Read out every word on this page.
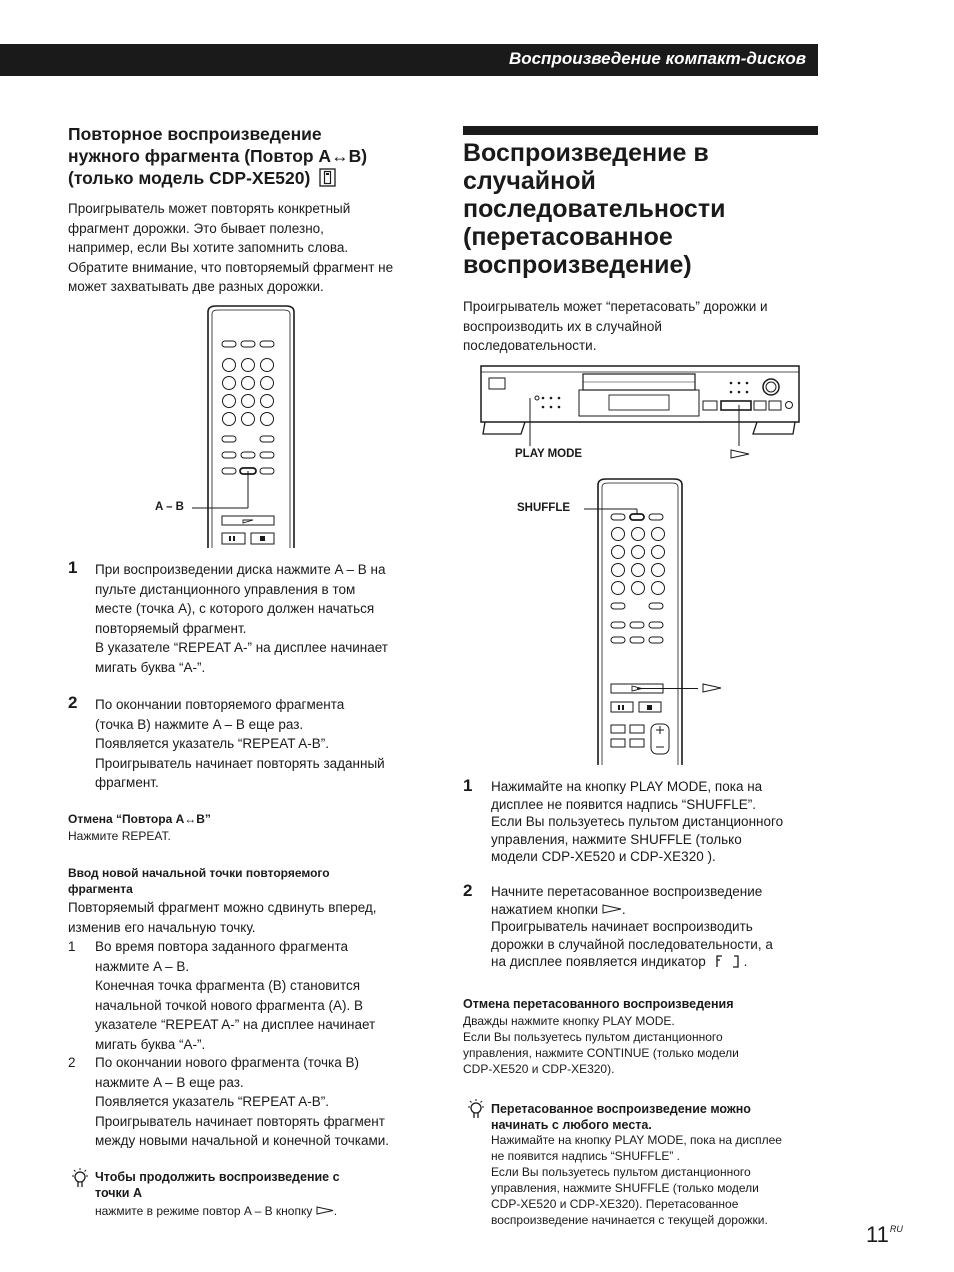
Воспроизведение компакт-дисков
Повторное воспроизведение
нужного фрагмента (Повтор A↔B)
(только модель CDP-XE520)
Проигрыватель может повторять конкретный
фрагмент дорожки. Это бывает полезно,
например, если Вы хотите запомнить слова.
Обратите внимание, что повторяемый фрагмент не
может захватывать две разных дорожки.
A – B
1 При воспроизведении диска нажмите A – B на
пульте дистанционного управления в том
месте (точка A), с которого должен начаться
повторяемый фрагмент.
В указателе “REPEAT A-” на дисплее начинает
мигать буква “A-”.
2 По окончании повторяемого фрагмента
(точка B) нажмите A – B еще раз.
Появляется указатель “REPEAT A-B”.
Проигрыватель начинает повторять заданный
фрагмент.
Отмена “Повтора A↔B”
Нажмите REPEAT.
Ввод новой начальной точки повторяемого
фрагмента
Повторяемый фрагмент можно сдвинуть вперед,
изменив его начальную точку.
1 Во время повтора заданного фрагмента
нажмите A – B.
Конечная точка фрагмента (B) становится
начальной точкой нового фрагмента (A). В
указателе “REPEAT A-” на дисплее начинает
мигать буква “A-”.
2 По окончании нового фрагмента (точка B)
нажмите A – B еще раз.
Появляется указатель “REPEAT A-B”.
Проигрыватель начинает повторять фрагмент
между новыми начальной и конечной точками.
Чтобы продолжить воспроизведение с
точки A
нажмите в режиме повтор A – B кнопку .
Воспроизведение в
случайной
последовательности
(перетасованное
воспроизведение)
Проигрыватель может “перетасовать” дорожки и
воспроизводить их в случайной
последовательности.
PLAY MODE
SHUFFLE
1 Нажимайте на кнопку PLAY MODE, пока на
дисплее не появится надпись “SHUFFLE”.
Если Вы пользуетесь пультом дистанционного
управления, нажмите SHUFFLE (только
модели CDP-XE520 и CDP-XE320 ).
2 Начните перетасованное воспроизведение
нажатием кнопки .
Проигрыватель начинает воспроизводить
дорожки в случайной последовательности, а
на дисплее появляется индикатор	.
Отмена перетасованного воспроизведения
Дважды нажмите кнопку PLAY MODE.
Если Вы пользуетесь пультом дистанционного
управления, нажмите CONTINUE (только модели
CDP-XE520 и CDP-XE320).
Перетасованное воспроизведение можно
начинать с любого места.
Нажимайте на кнопку PLAY MODE, пока на дисплее
не появится надпись “SHUFFLE” .
Если Вы пользуетесь пультом дистанционного
управления, нажмите SHUFFLE (только модели
CDP-XE520 и CDP-XE320). Перетасованное
воспроизведение начинается с текущей дорожки.
$11^{RU}$
